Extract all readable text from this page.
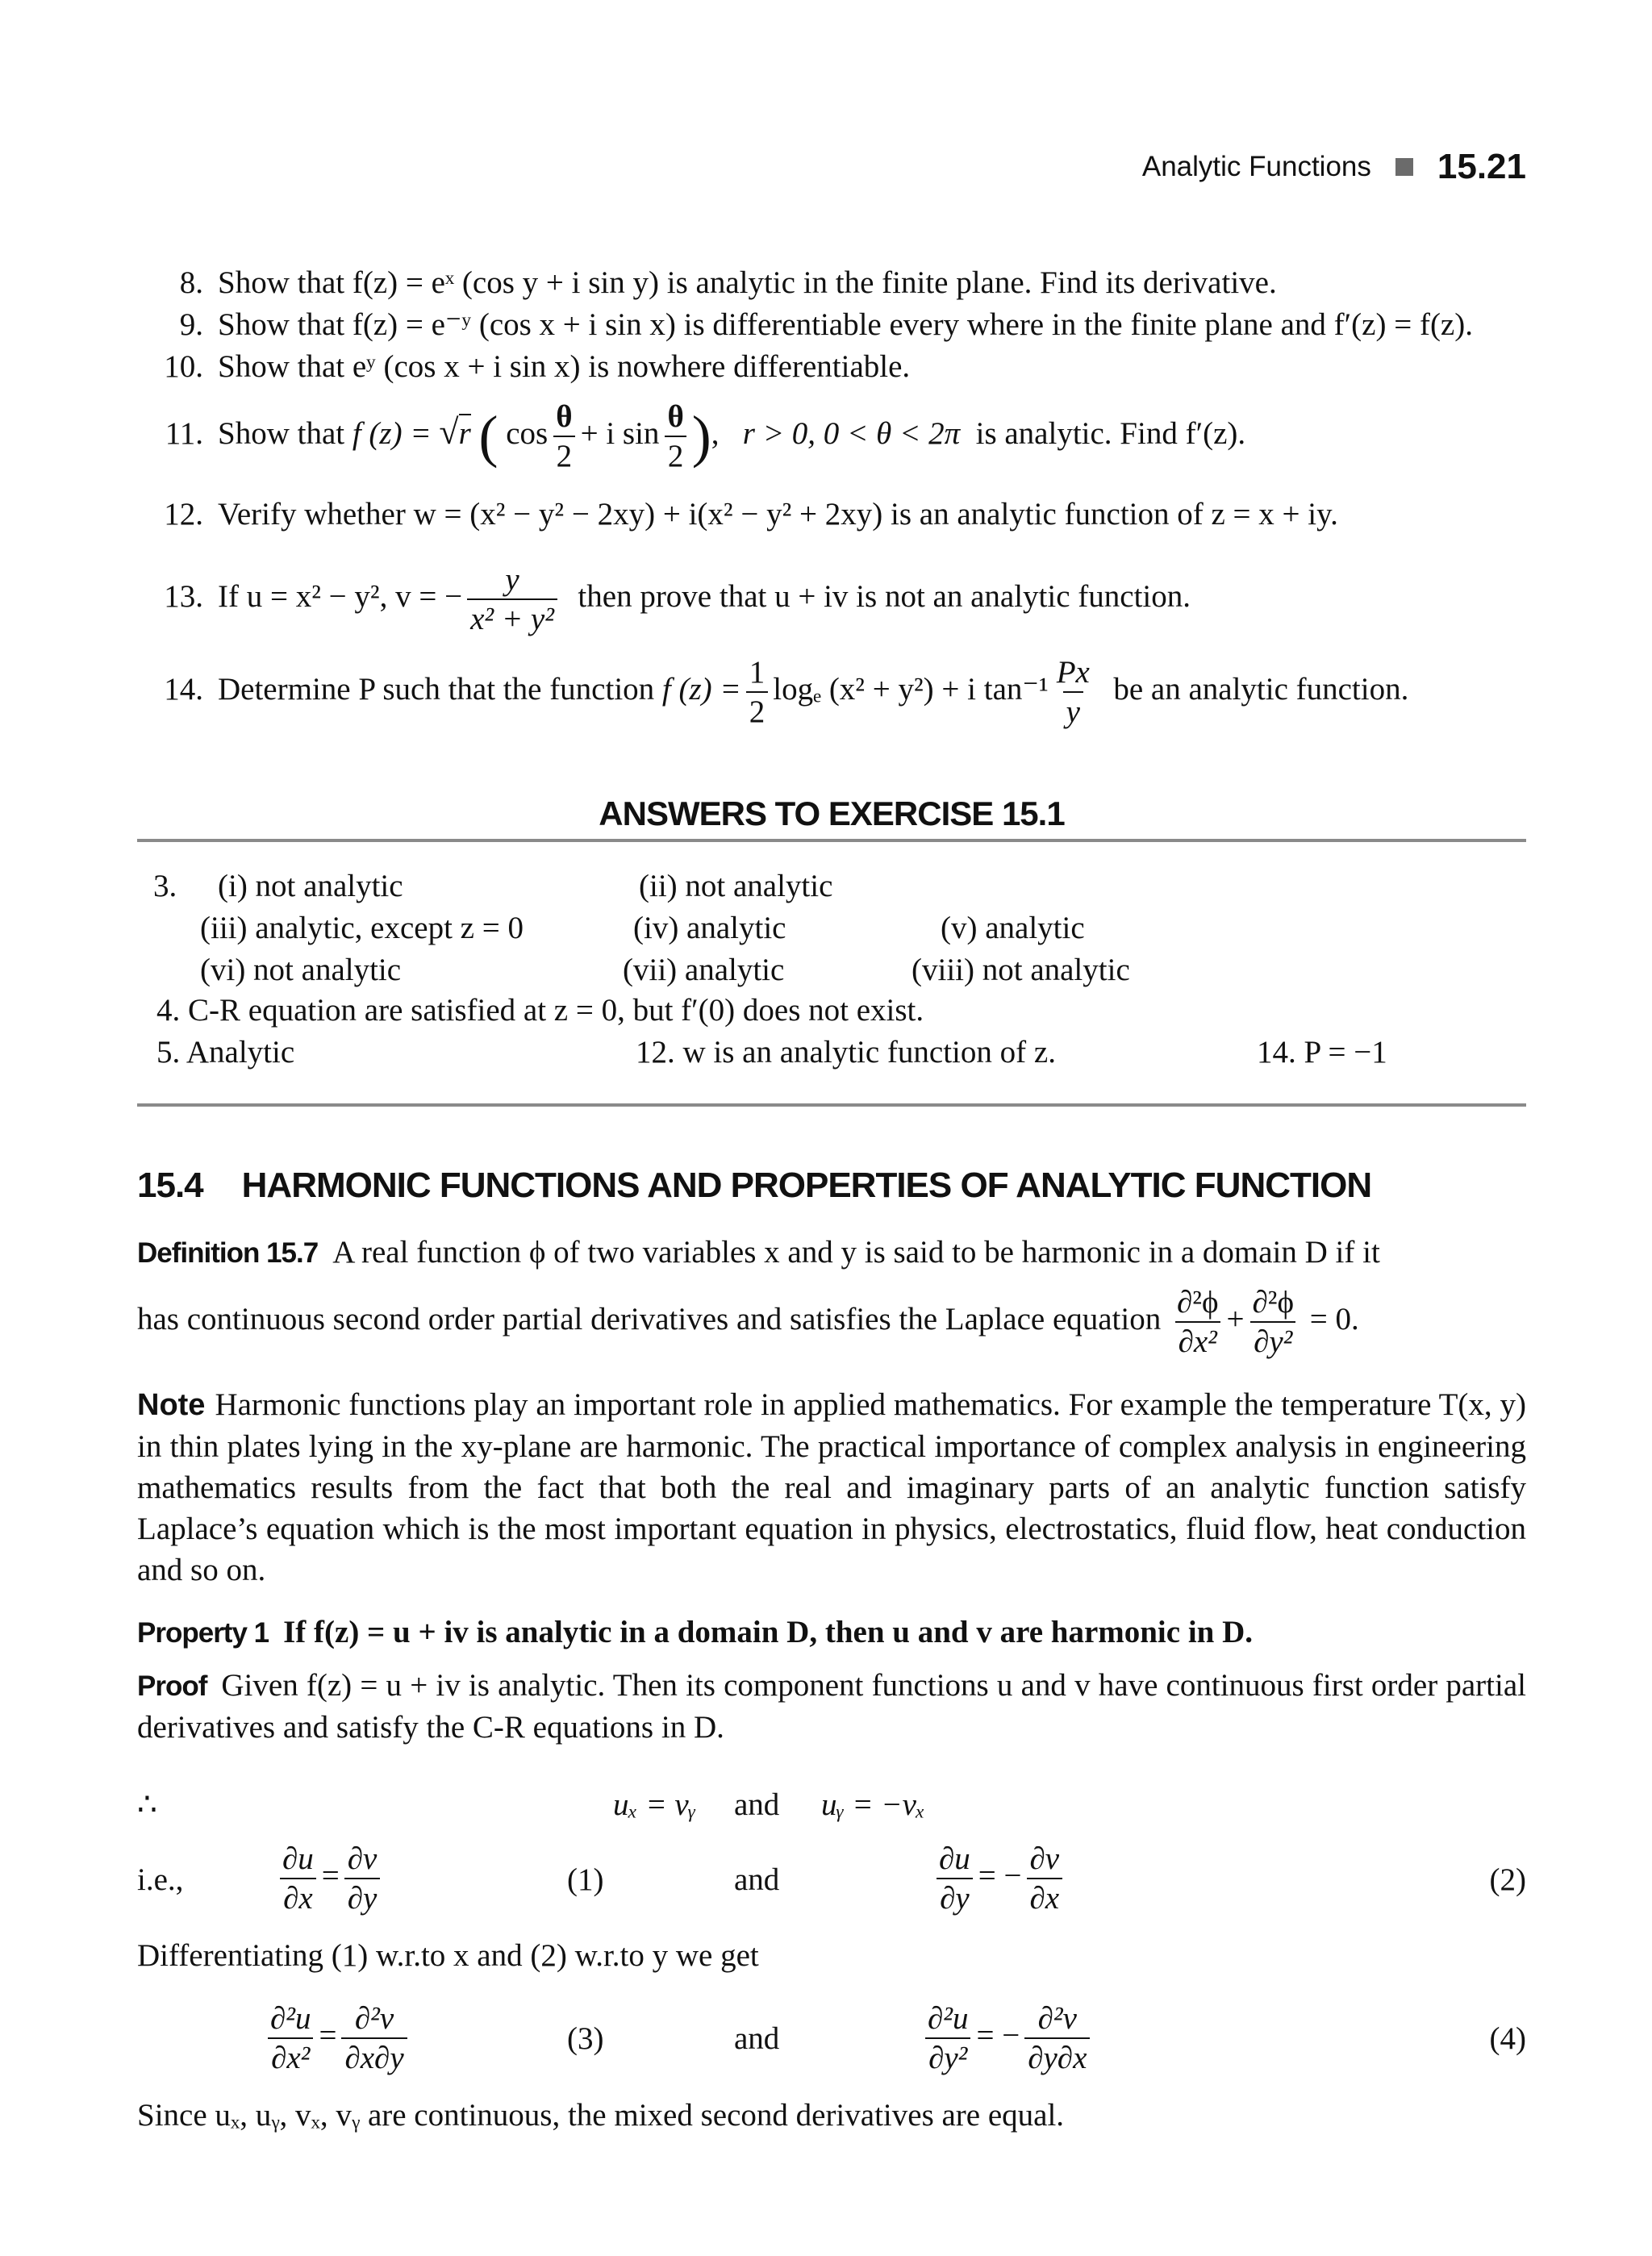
Analytic Functions 15.21
8. Show that f(z) = eˣ (cos y + i sin y) is analytic in the finite plane. Find its derivative.
9. Show that f(z) = e⁻ʸ (cos x + i sin x) is differentiable every where in the finite plane and f′(z) = f(z).
10. Show that eʸ (cos x + i sin x) is nowhere differentiable.
11. Show that f (z) = √r ( $\cos \frac{\theta}{2} + i$ $\sin \frac{\theta}{2}$ ),   r > 0, 0 < θ < 2π is analytic. Find f′(z).
12. Verify whether w = (x² − y² − 2xy) + i(x² − y² + 2xy) is an analytic function of z = x + iy.
13. If u = x² − y², v = − $\frac{y}{\text{x² + y²}}$ then prove that u + iv is not an analytic function.
14. Determine P such that the function f $(z) = \frac{1}{2}$ logₑ (x² + y²) + i $\tan^{-1} \frac{Px}{y}$ be an analytic function.
ANSWERS TO EXERCISE 15.1
3. (i) not analytic	(ii) not analytic
(iii) analytic, except z = 0	(iv) analytic	(v) analytic
(vi) not analytic	(vii) analytic	(viii) not analytic
4. C-R equation are satisfied at z = 0, but f′(0) does not exist.
5. Analytic	12. w is an analytic function of z.	14. P = −1
15.4 HARMONIC FUNCTIONS AND PROPERTIES OF ANALYTIC FUNCTION
Definition 15.7 A real function ϕ of two variables x and y is said to be harmonic in a domain D if it
has continuous second order partial derivatives and satisfies the Laplace equation $\frac{\text{∂²ϕ}}{\text{∂x²}} + \frac{\text{∂²ϕ}}{\text{∂y²}} = 0$.
Note Harmonic functions play an important role in applied mathematics. For example the temperature T(x, y) in thin plates lying in the xy-plane are harmonic. The practical importance of complex analysis in engineering mathematics results from the fact that both the real and imaginary parts of an analytic function satisfy Laplace’s equation which is the most important equation in physics, electrostatics, fluid flow, heat conduction and so on.
Property 1 If f(z) = u + iv is analytic in a domain D, then u and v are harmonic in D.
Proof Given f(z) = u + iv is analytic. Then its component functions u and v have continuous first order partial derivatives and satisfy the C-R equations in D.
∴	uₓ = vᵧ and uᵧ = −vₓ
i.e.,	$\frac{\partial u}{\partial x} = \frac{\partial v}{\partial y}$	(1)	and	$\frac{\partial u}{\partial y}$ = − $\frac{\partial v}{\partial x}$	(2)
Differentiating (1) w.r.to x and (2) w.r.to y we get
$\frac{\text{∂²u}}{\text{∂x²}} = \frac{\text{∂²v}}{\partial x\partial y}$	(3)	and	$\frac{\text{∂²u}}{\text{∂y²}}$ = − $\frac{\text{∂²v}}{\partial y\partial x}$	(4)
Since uₓ, uᵧ, vₓ, vᵧ are continuous, the mixed second derivatives are equal.
